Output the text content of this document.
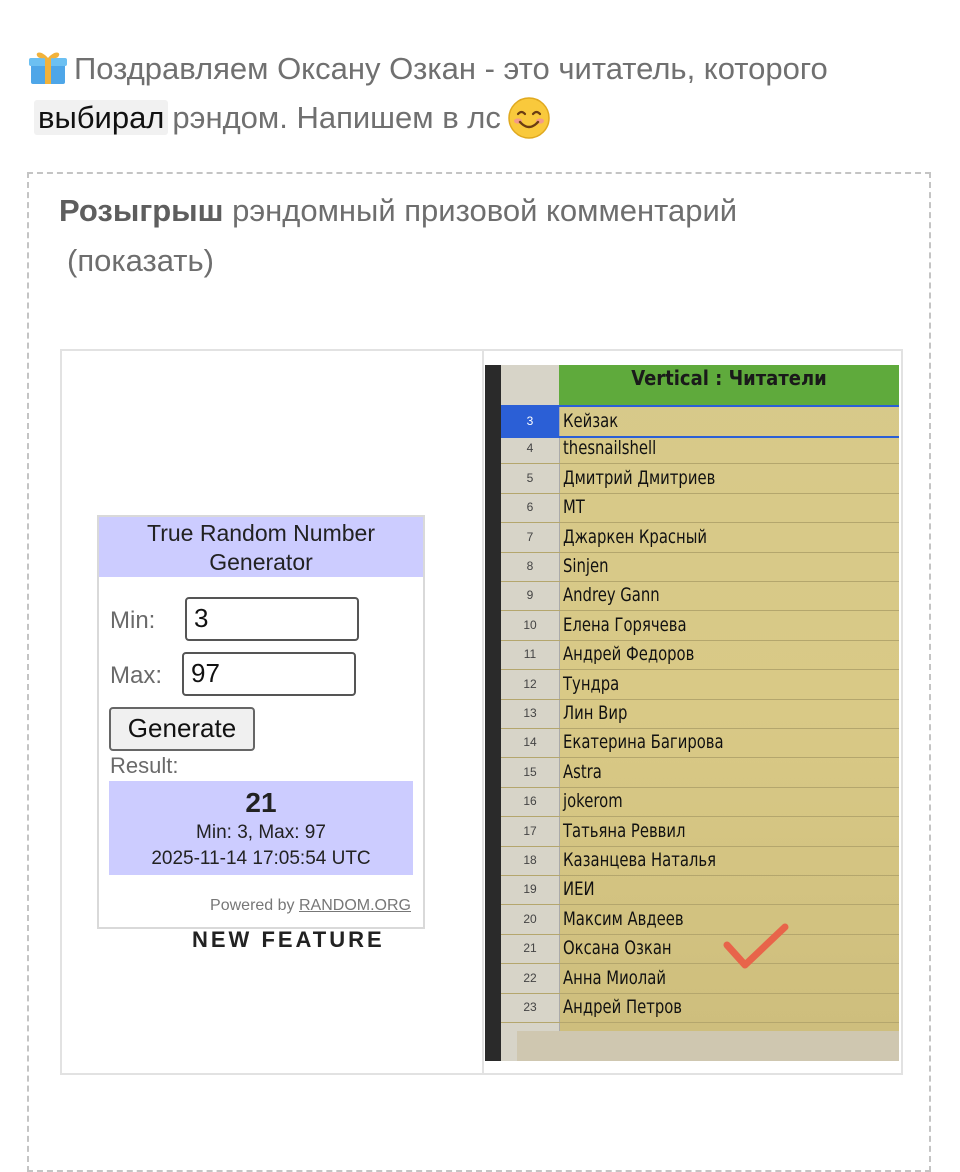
Поздравляем Оксану Озкан - это читатель, которого
выбирал рэндом. Напишем в лс
Розыгрыш рэндомный призовой комментарий
(показать)
True Random Number
Generator
Min:	3
Max:	97
Generate
Result:
21
Min: 3, Max: 97
2025-11-14 17:05:54 UTC
Powered by RANDOM.ORG
NEW FEATURE
Vertical : Читатели
3	Кейзак
4	thesnailshell
5	Дмитрий Дмитриев
6	MT
7	Джаркен Красный
8	Sinjen
9	Andrey Gann
10	Елена Горячева
11	Андрей Федоров
12	Тундра
13	Лин Вир
14	Екатерина Багирова
15	Astra
16	jokerom
17	Татьяна Реввил
18	Казанцева Наталья
19	ИЕИ
20	Максим Авдеев
21	Оксана Озкан
22	Анна Миолай
23	Андрей Петров
